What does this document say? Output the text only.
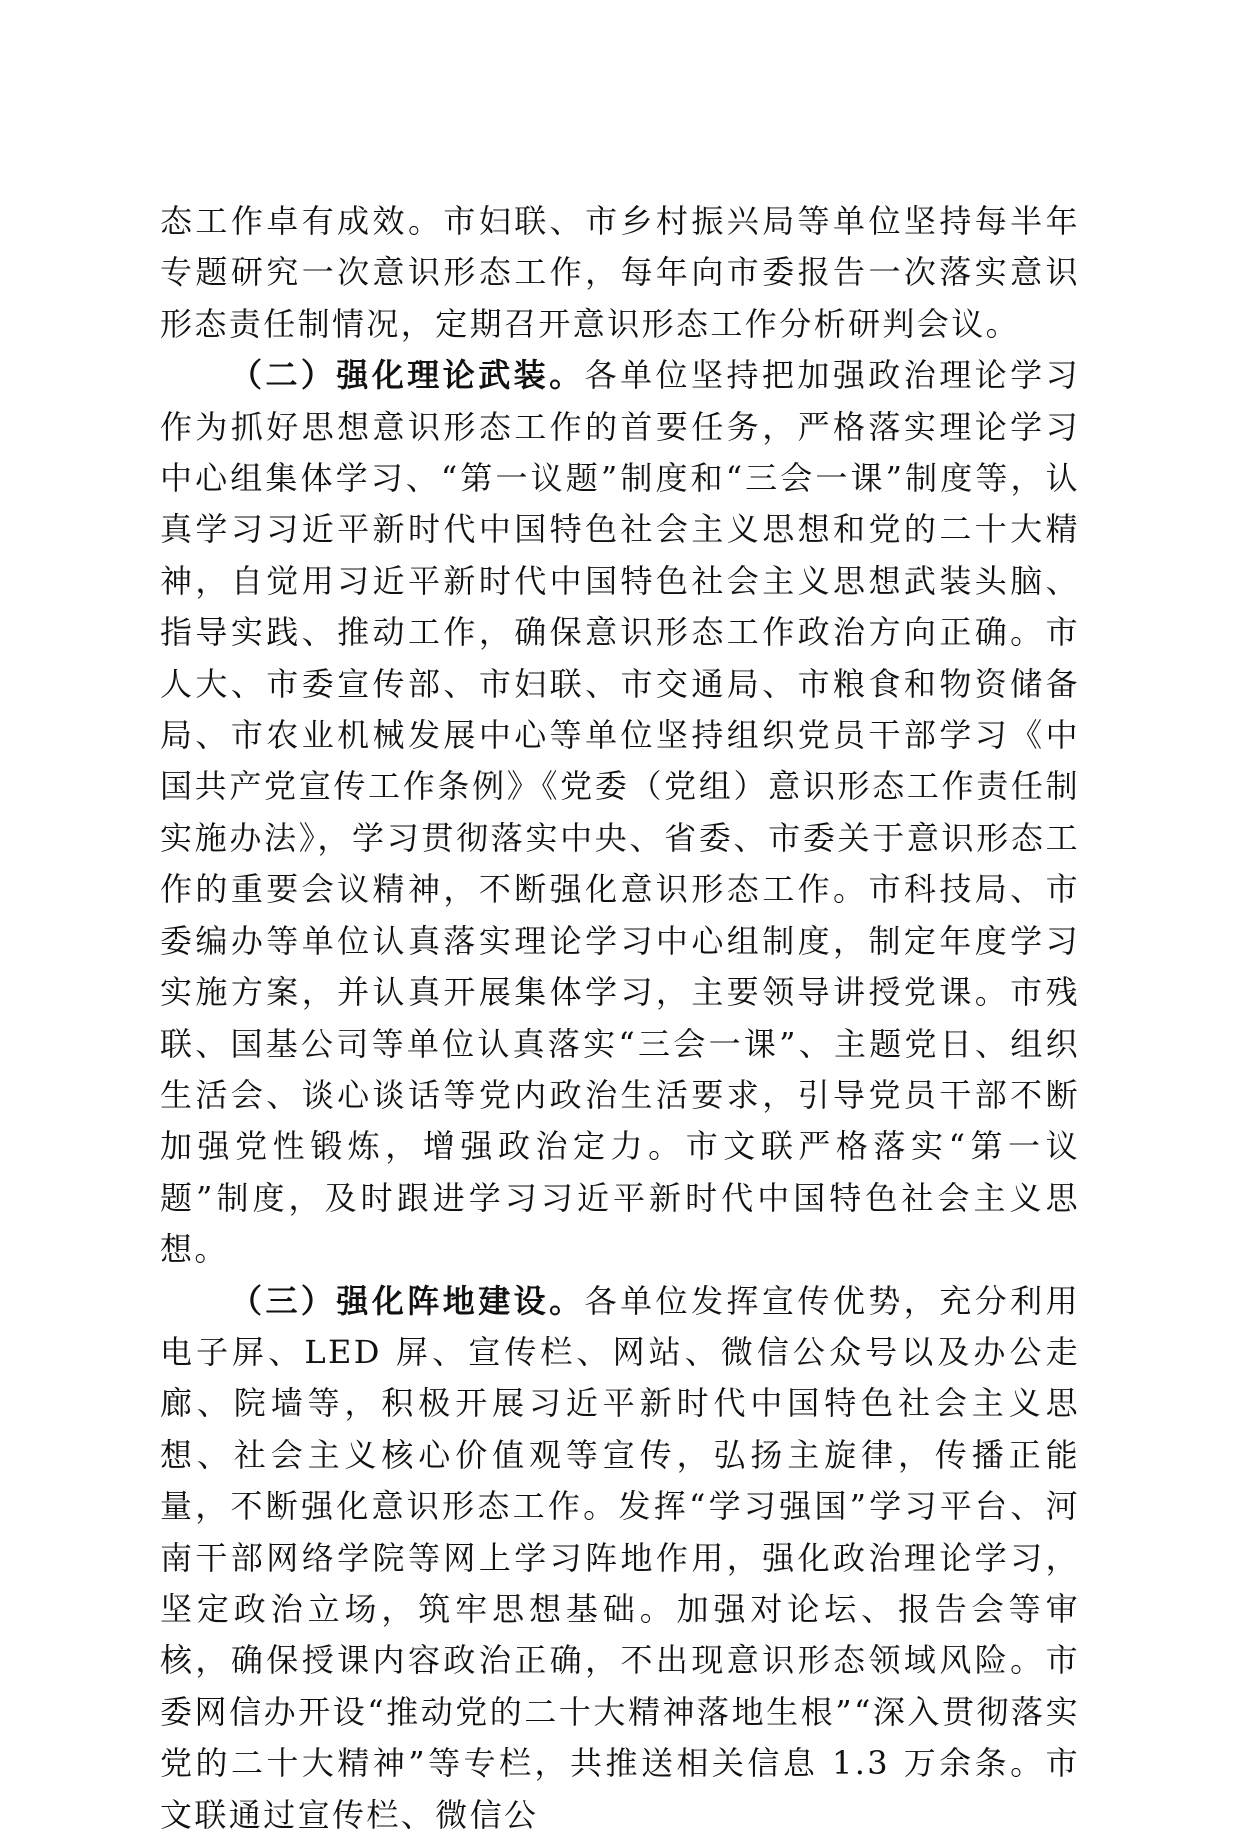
态工作卓有成效。市妇联、市乡村振兴局等单位坚持每半年专题研究一次意识形态工作，每年向市委报告一次落实意识形态责任制情况，定期召开意识形态工作分析研判会议。

（二）强化理论武装。各单位坚持把加强政治理论学习作为抓好思想意识形态工作的首要任务，严格落实理论学习中心组集体学习、“第一议题”制度和“三会一课”制度等，认真学习习近平新时代中国特色社会主义思想和党的二十大精神，自觉用习近平新时代中国特色社会主义思想武装头脑、指导实践、推动工作，确保意识形态工作政治方向正确。市人大、市委宣传部、市妇联、市交通局、市粮食和物资储备局、市农业机械发展中心等单位坚持组织党员干部学习《中国共产党宣传工作条例》《党委（党组）意识形态工作责任制实施办法》，学习贯彻落实中央、省委、市委关于意识形态工作的重要会议精神，不断强化意识形态工作。市科技局、市委编办等单位认真落实理论学习中心组制度，制定年度学习实施方案，并认真开展集体学习，主要领导讲授党课。市残联、国基公司等单位认真落实“三会一课”、主题党日、组织生活会、谈心谈话等党内政治生活要求，引导党员干部不断加强党性锻炼，增强政治定力。市文联严格落实“第一议题”制度，及时跟进学习习近平新时代中国特色社会主义思想。

（三）强化阵地建设。各单位发挥宣传优势，充分利用电子屏、LED 屏、宣传栏、网站、微信公众号以及办公走廊、院墙等，积极开展习近平新时代中国特色社会主义思想、社会主义核心价值观等宣传，弘扬主旋律，传播正能量，不断强化意识形态工作。发挥“学习强国”学习平台、河南干部网络学院等网上学习阵地作用，强化政治理论学习，坚定政治立场，筑牢思想基础。加强对论坛、报告会等审核，确保授课内容政治正确，不出现意识形态领域风险。市委网信办开设“推动党的二十大精神落地生根”“深入贯彻落实党的二十大精神”等专栏，共推送相关信息 1.3 万余条。市文联通过宣传栏、微信公
